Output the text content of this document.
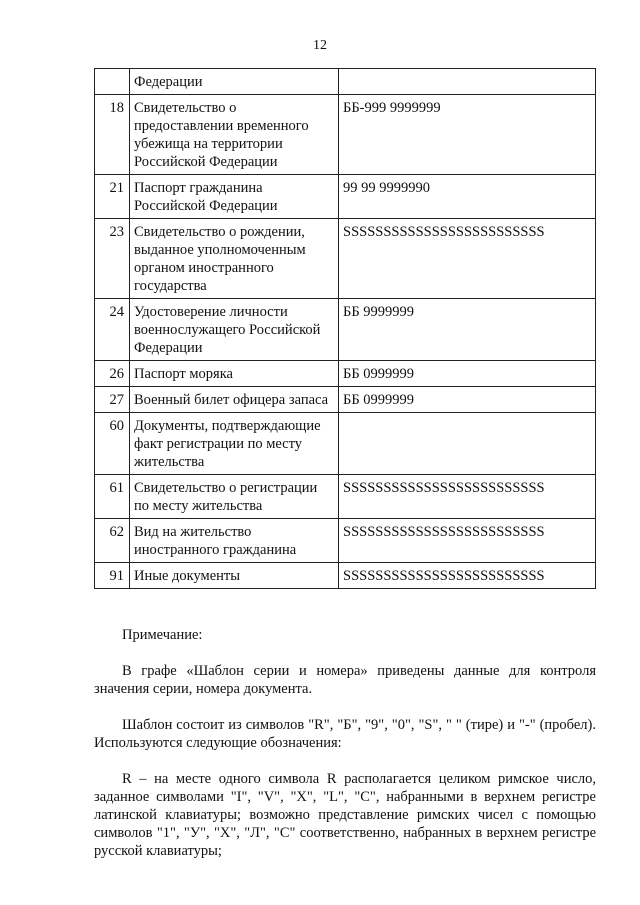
12
	Федерации	
18	Свидетельство о предоставлении временного убежища на территории Российской Федерации	ББ-999 9999999
21	Паспорт гражданина Российской Федерации	99 99 9999990
23	Свидетельство о рождении, выданное уполномоченным органом иностранного государства	SSSSSSSSSSSSSSSSSSSSSSSSS
24	Удостоверение личности военнослужащего Российской Федерации	ББ 9999999
26	Паспорт моряка	ББ 0999999
27	Военный билет офицера запаса	ББ 0999999
60	Документы, подтверждающие факт регистрации по месту жительства	
61	Свидетельство о регистрации по месту жительства	SSSSSSSSSSSSSSSSSSSSSSSSS
62	Вид на жительство иностранного гражданина	SSSSSSSSSSSSSSSSSSSSSSSSS
91	Иные документы	SSSSSSSSSSSSSSSSSSSSSSSSS

Примечание:

В графе «Шаблон серии и номера» приведены данные для контроля значения серии, номера документа.

Шаблон состоит из символов "R", "Б", "9", "0", "S", " " (тире) и "-" (пробел). Используются следующие обозначения:

R – на месте одного символа R располагается целиком римское число, заданное символами "I", "V", "X", "L", "C", набранными в верхнем регистре латинской клавиатуры; возможно представление римских чисел с помощью символов "1", "У", "Х", "Л", "С" соответственно, набранных в верхнем регистре русской клавиатуры;
